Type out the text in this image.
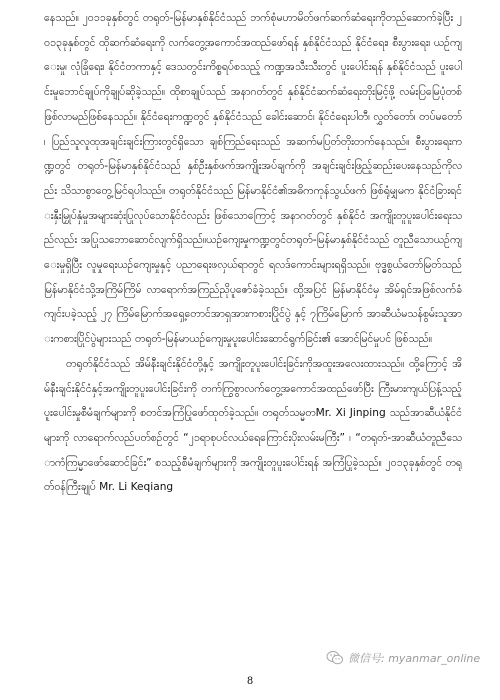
နေသည်။ ၂၀၁၁ခုနှစ်တွင် တရုတ်-မြန်မာနှစ်နိုင်ငံသည် ဘက်စုံမဟာမိတ်ဖက်ဆက်ဆံရေးကိုတည်ဆောက်ခဲ့ပြီး ၂၀၁၃ခုနှစ်တွင် ထိုဆက်ဆံရေးကို လက်တွေ့အကောင်အထည်ဖော်ရန် နှစ်နိုင်ငံသည် နိုင်ငံရေး၊ စီးပွားရေး၊ ယဉ်ကျေးမှု၊ လုံခြုံရေး၊ နိုင်ငံတကာနှင့် ဒေသတွင်းကိစ္စရပ်စသည့် ကဏ္ဍအသီးသီးတွင် ပူးပေါင်းရန် နှစ်နိုင်ငံသည် ပူးပေါင်းမူဘောင်ချုပ်ကိုချုပ်ဆိုခဲ့သည်။ ထိုစာချုပ်သည် အနာဂတ်တွင် နှစ်နိုင်ငံဆက်ဆံရေးတိုးမြင့်ဖို့ လမ်းပြမြေပုံတစ်ဖြစ်လာမည်ဖြစ်နေသည်။ နိုင်ငံရေးကဏ္ဍတွင် နှစ်နိုင်ငံသည် ခေါင်းဆောင်၊ နိုင်ငံရေးပါတီ၊ လွှတ်တော်၊ တပ်မတော်၊ ပြည်သူလူထုအချင်းချင်းကြားတွင်ရှိသော ချစ်ကြည်ရေးသည် အဆက်မပြတ်တိုးတက်နေသည်။ စီးပွားရေးကဏ္ဍတွင် တရုတ်-မြန်မာနှစ်နိုင်ငံသည် နှစ်ဦးနှစ်ဖက်အကျိုးအပ်ချက်ကို အချင်းချင်းဖြည့်ဆည်းပေးနေသည်ကိုလည်း သိသာစွာတွေ့မြင်ရပါသည်။ တရုတ်နိုင်ငံသည် မြန်မာနိုင်ငံ၏အဓိကကုန်သွယ်ဖက် ဖြစ်ရုံမျှမက နိုင်ငံခြားရင်းနှီးမြှုပ်နှံမှုအများဆုံးပြုလုပ်သောနိုင်ငံလည်း ဖြစ်သောကြောင့် အနာဂတ်တွင် နှစ်နိုင်ငံ အကျိုးတူပူးပေါင်းရေးသည်လည်း အပြုသဘောဆောင်လျက်ရှိသည်။ယဉ်ကျေးမှုကဏ္ဍတွင်တရုတ်-မြန်မာနှစ်နိုင်ငံသည် တူညီသောယဉ်ကျေးမှုရှိပြီး လူမှုရေးယဉ်ကျေးမှုနှင့် ပညာရေးဖလှယ်ရာတွင် ရလဒ်ကောင်းများရရှိသည်။ ဗုဒ္ဓစွယ်တော်မြတ်သည် မြန်မာနိုင်ငံသို့အကြိမ်ကြိမ် လာရောက်အကြည်ညိုပူဇော်ခံခဲ့သည်။ ထို့အပြင် မြန်မာနိုင်ငံမှ အိမ်ရှင်အဖြစ်လက်ခံကျင်းပခဲ့သည့် ၂၇ ကြိမ်မြောက်အရှေ့တောင်အာရှအားကစားပြိုင်ပွဲ နှင့် ၇ကြိမ်မြောက် အာဆီယံမသန်စွမ်းသူအားကစားပြိုင်ပွဲများသည် တရုတ်-မြန်မာယဉ်ကျေးမှုပူးပေါင်းဆောင်ရွက်ခြင်း၏ အောင်မြင်မှုပင် ဖြစ်သည်။

တရုတ်နိုင်ငံသည် အိမ်နီးချင်းနိုင်ငံတို့နှင့် အကျိုးတူပူးပေါင်းခြင်းကိုအထူးအလေးထားသည်။ ထို့ကြောင့် အိမ်နီးချင်းနိုင်ငံနှင့်အကျိုးတူပူးပေါင်းခြင်းကို တက်ကြွစွာလက်တွေ့အကောင်အထည်ဖော်ပြီး ကြီးမားကျယ်ပြန့်သည့်ပူးပေါင်းမှုစီမံချက်များကို စတင်အကြံပြုဖော်ထုတ်ခဲ့သည်။ တရုတ်သမ္မတMr. Xi Jinping သည်အာဆီယံနိုင်ငံများကို လာရောက်လည်ပတ်စဉ်တွင် “၂၁ရာစုပင်လယ်ရေကြောင်းပိုးလမ်းမကြီး” ၊ “တရုတ်-အာဆီယံတူညီသောကံကြမ္မာဖော်ဆောင်ခြင်း” စသည့်စီမံချက်များကို အကျိုးတူပူးပေါင်းရန် အကြံပြုခဲ့သည်။ ၂၀၁၃ခုနှစ်တွင် တရုတ်ဝန်ကြီးချုပ် Mr. Li Keqiang

微信号: myanmar_online
8
